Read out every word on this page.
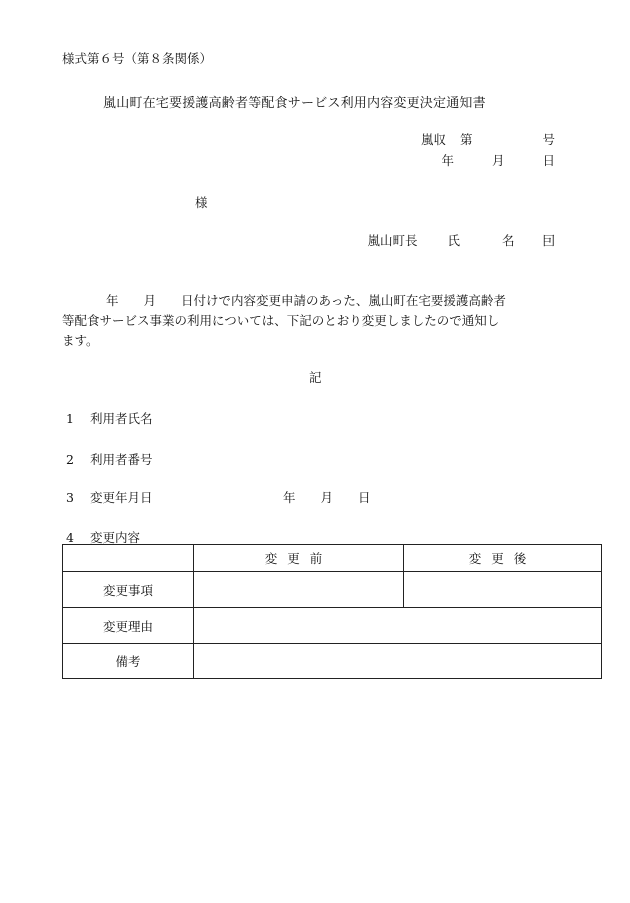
様式第６号（第８条関係）
嵐山町在宅要援護高齢者等配食サービス利用内容変更決定通知書
嵐収 第	号
年	月	日
様
嵐山町長 氏	名 囙
年　　月　　日付けで内容変更申請のあった、嵐山町在宅要援護高齢者
等配食サービス事業の利用については、下記のとおり変更しましたので通知し
ます。
記
1 利用者氏名
2 利用者番号
3 変更年月日	年　　月　　日
4 変更内容
	変更前	変更後
変更事項		
変更理由		
備考		
